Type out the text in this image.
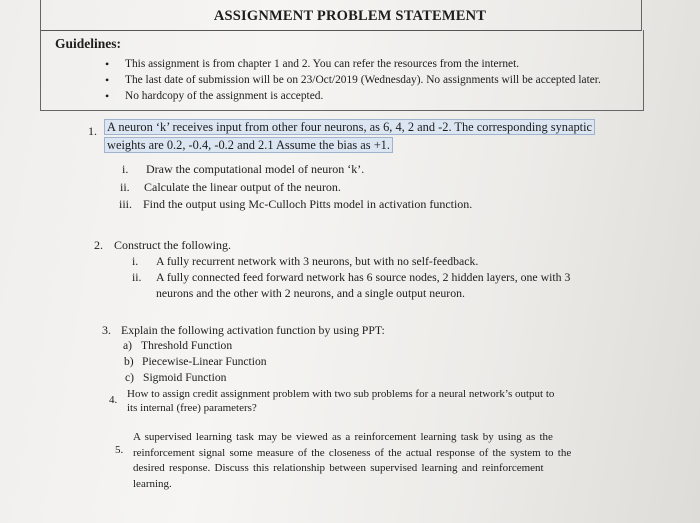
ASSIGNMENT PROBLEM STATEMENT
Guidelines:
• This assignment is from chapter 1 and 2. You can refer the resources from the internet.
• The last date of submission will be on 23/Oct/2019 (Wednesday). No assignments will be accepted later.
• No hardcopy of the assignment is accepted.
1. A neuron ‘k’ receives input from other four neurons, as 6, 4, 2 and -2. The corresponding synaptic
weights are 0.2, -0.4, -0.2 and 2.1 Assume the bias as +1.
i. Draw the computational model of neuron ‘k’.
ii. Calculate the linear output of the neuron.
iii. Find the output using Mc-Culloch Pitts model in activation function.
2. Construct the following.
i. A fully recurrent network with 3 neurons, but with no self-feedback.
ii. A fully connected feed forward network has 6 source nodes, 2 hidden layers, one with 3
neurons and the other with 2 neurons, and a single output neuron.
3. Explain the following activation function by using PPT:
a) Threshold Function
b) Piecewise-Linear Function
c) Sigmoid Function
4. How to assign credit assignment problem with two sub problems for a neural network’s output to
its internal (free) parameters?
5.
A supervised learning task may be viewed as a reinforcement learning task by using as the
reinforcement signal some measure of the closeness of the actual response of the system to the
desired response. Discuss this relationship between supervised learning and reinforcement
learning.
